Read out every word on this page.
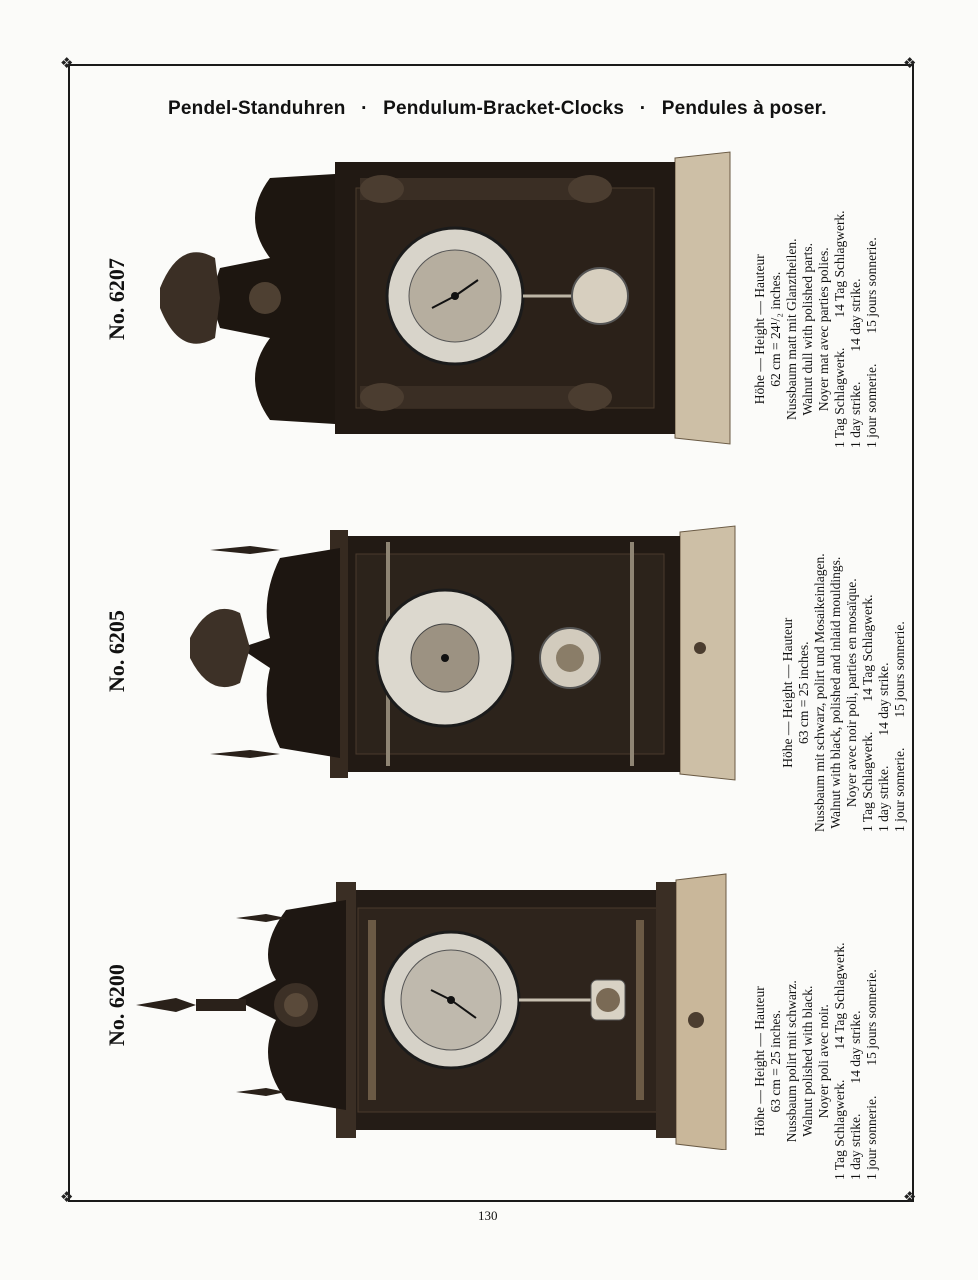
❖	❖
❖	❖
Pendel-Standuhren · Pendulum-Bracket-Clocks · Pendules à poser.
No. 6200	Höhe — Height — Hauteur 63 cm = 25 inches. Nussbaum polirt mit schwarz. Walnut polished with black. Noyer poli avec noir.
1 Tag Schlagwerk.
14 Tag Schlagwerk.
1 day strike.
14 day strike.
1 jour sonnerie.
15 jours sonnerie.
No. 6205	Höhe — Height — Hauteur 63 cm = 25 inches. Nussbaum mit schwarz, polirt und Mosaikeinlagen. Walnut with black, polished and inlaid mouldings. Noyer avec noir poli, parties en mosaïque. 1 Tag Schlagwerk.
14 Tag Schlagwerk.
1 day strike.
14 day strike.
1 jour sonnerie.
15 jours sonnerie.
No. 6207	Höhe — Height — Hauteur 62 cm = 24¹/₂ inches. Nussbaum matt mit Glanztheilen. Walnut dull with polished parts. Noyer mat avec parties polies. 1 Tag Schlagwerk.
14 Tag Schlagwerk.
1 day strike.
14 day strike.
1 jour sonnerie.
15 jours sonnerie.
130
